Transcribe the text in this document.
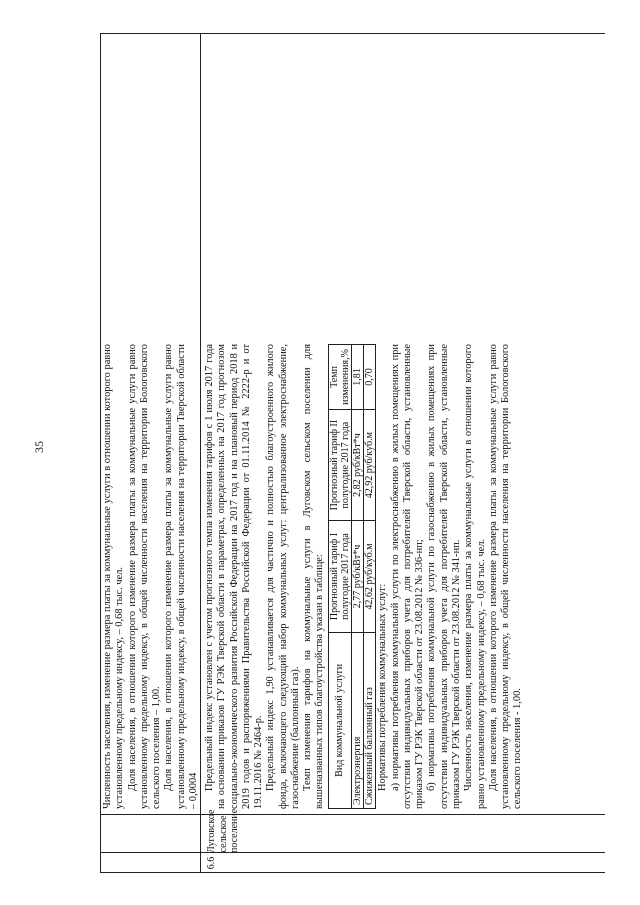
35	Численность населения, изменение размера платы за коммунальные услуги в отношении которого равно установленному предельному индексу, – 0,68 тыс. чел. Доля населения, в отношении которого изменение размера платы за коммунальные услуги равно установленному предельному индексу, в общей численности населения на территории Бологовского сельского поселения – 1,00. Доля населения, в отношении которого изменение размера платы за коммунальные услуги равно установленному предельному индексу, в общей численности населения на территории Тверской области – 0,0004

6.6
Луговское сельское поселение

Предельный индекс установлен с учетом прогнозного темпа изменения тарифов с 1 июля 2017 года на основании приказов ГУ РЭК Тверской области в параметрах, определенных на 2017 год прогнозом социально-экономического развития Российской Федерации на 2017 год и на плановый период 2018 и 2019 годов и распоряжениями Правительства Российской Федерации от 01.11.2014 № 2222-р и от 19.11.2016 № 2464-р. Предельный индекс 1,90 устанавливается для частично и полностью благоустроенного жилого фонда, включающего следующий набор коммунальных услуг: централизованное электроснабжение, газоснабжение (баллонный газ). Темп изменения тарифов на коммунальные услуги в Луговском сельском поселении для вышеназванных типов благоустройства указан в таблице: Вид коммунальной услуги	Прогнозный тариф I полугодие 2017 года	Прогнозный тариф II полугодие 2017 года	Темп изменения,%
Электроэнергия	2,77 руб/кВт*ч	2,82 руб/кВт*ч	1,81
Сжиженный баллонный газ	42,62 руб/куб.м	42,92 руб/куб.м	0,70

Нормативы потребления коммунальных услуг: а) нормативы потребления коммунальной услуги по электроснабжению в жилых помещениях при отсутствии индивидуальных приборов учета для потребителей Тверской области, установленные приказом ГУ РЭК Тверской области от 23.08.2012 № 336-нп; б) нормативы потребления коммунальной услуги по газоснабжению в жилых помещениях при отсутствии индивидуальных приборов учета для потребителей Тверской области, установленные приказом ГУ РЭК Тверской области от 23.08.2012 № 341-нп. Численность населения, изменение размера платы за коммунальные услуги в отношении которого равно установленному предельному индексу, – 0,68 тыс. чел. Доля населения, в отношении которого изменение размера платы за коммунальные услуги равно установленному предельному индексу, в общей численности населения на территории Бологовского сельского поселения - 1,00.
